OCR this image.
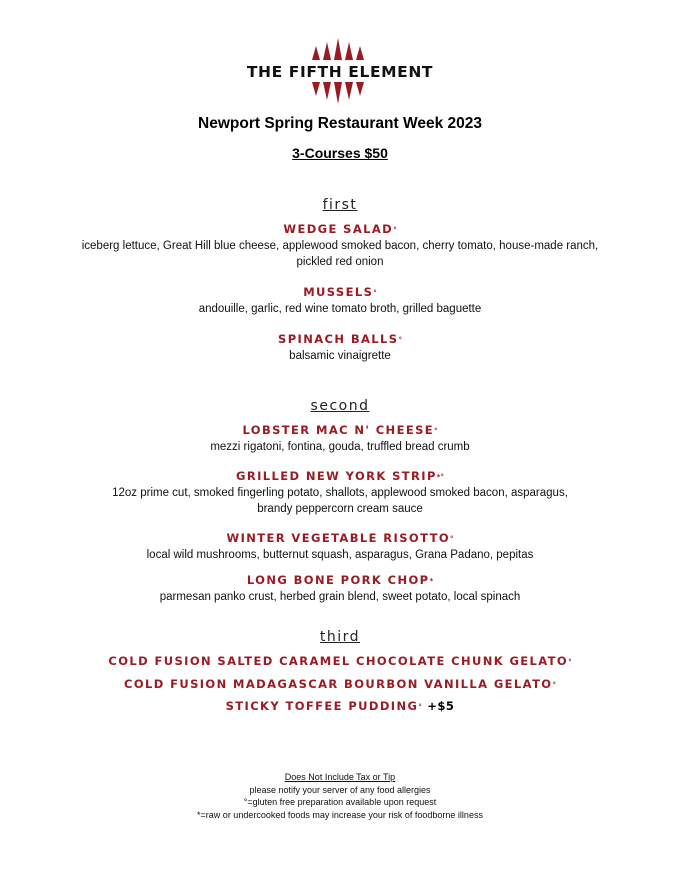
THE FIFTH ELEMENT
Newport Spring Restaurant Week 2023
3-Courses $50
first
WEDGE SALAD°
iceberg lettuce, Great Hill blue cheese, applewood smoked bacon, cherry tomato, house-made ranch,
pickled red onion
MUSSELS°
andouille, garlic, red wine tomato broth, grilled baguette
SPINACH BALLS°
balsamic vinaigrette
second
LOBSTER MAC N' CHEESE°
mezzi rigatoni, fontina, gouda, truffled bread crumb
GRILLED NEW YORK STRIP*°
12oz prime cut, smoked fingerling potato, shallots, applewood smoked bacon, asparagus,
brandy peppercorn cream sauce
WINTER VEGETABLE RISOTTO°
local wild mushrooms, butternut squash, asparagus, Grana Padano, pepitas
LONG BONE PORK CHOP*
parmesan panko crust, herbed grain blend, sweet potato, local spinach
third
COLD FUSION SALTED CARAMEL CHOCOLATE CHUNK GELATO°
COLD FUSION MADAGASCAR BOURBON VANILLA GELATO°
STICKY TOFFEE PUDDING° +$5
Does Not Include Tax or Tip
please notify your server of any food allergies
°=gluten free preparation available upon request
*=raw or undercooked foods may increase your risk of foodborne illness
